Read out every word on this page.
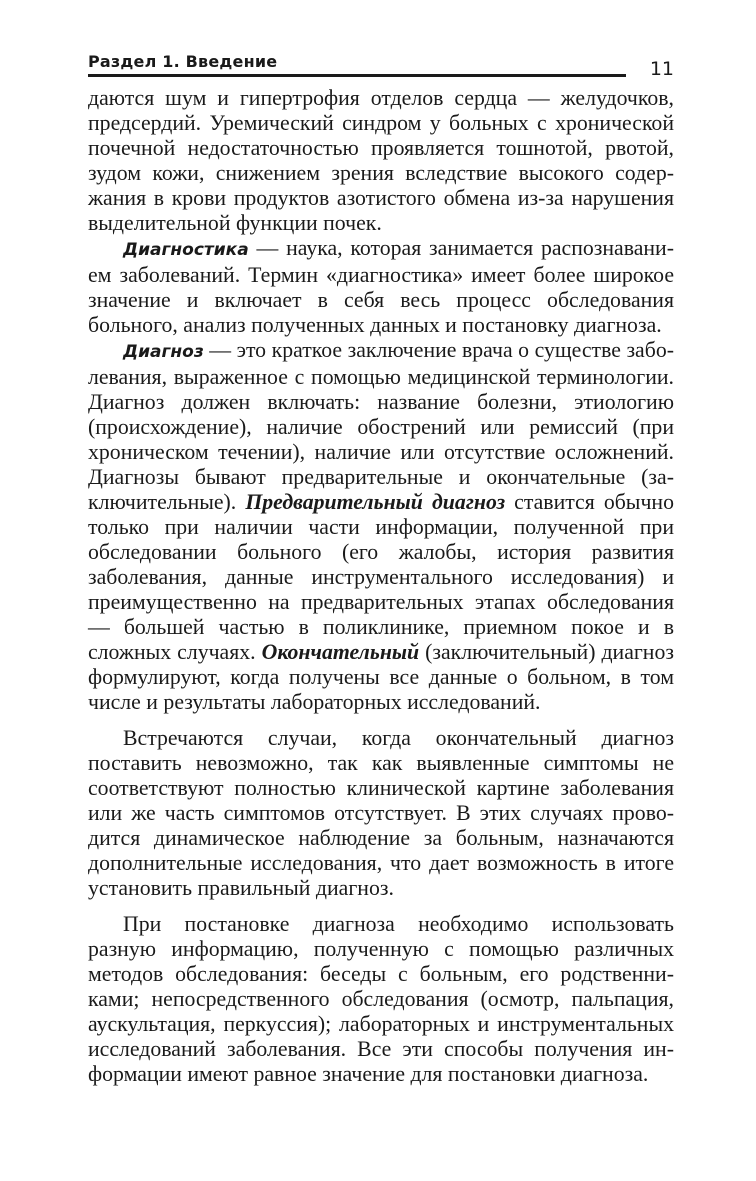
Раздел 1. Введение	11

даются шум и гипертрофия отделов сердца — желудочков, предсердий. Уремический синдром у больных с хронической почечной недостаточностью проявляется тошнотой, рвотой, зудом кожи, снижением зрения вследствие высокого содержания в крови продуктов азотистого обмена из-за нарушения выделительной функции почек.

Диагностика — наука, которая занимается распознаванием заболеваний. Термин «диагностика» имеет более широкое значение и включает в себя весь процесс обследования больного, анализ полученных данных и постановку диагноза.

Диагноз — это краткое заключение врача о существе заболевания, выраженное с помощью медицинской терминологии. Диагноз должен включать: название болезни, этиологию (происхождение), наличие обострений или ремиссий (при хроническом течении), наличие или отсутствие осложнений. Диагнозы бывают предварительные и окончательные (заключительные). Предварительный диагноз ставится обычно только при наличии части информации, полученной при обследовании больного (его жалобы, история развития заболевания, данные инструментального исследования) и преимущественно на предварительных этапах обследования — большей частью в поликлинике, приемном покое и в сложных случаях. Окончательный (заключительный) диагноз формулируют, когда получены все данные о больном, в том числе и результаты лабораторных исследований.

Встречаются случаи, когда окончательный диагноз поставить невозможно, так как выявленные симптомы не соответствуют полностью клинической картине заболевания или же часть симптомов отсутствует. В этих случаях проводится динамическое наблюдение за больным, назначаются дополнительные исследования, что дает возможность в итоге установить правильный диагноз.

При постановке диагноза необходимо использовать разную информацию, полученную с помощью различных методов обследования: беседы с больным, его родственниками; непосредственного обследования (осмотр, пальпация, аускультация, перкуссия); лабораторных и инструментальных исследований заболевания. Все эти способы получения информации имеют равное значение для постановки диагноза.
